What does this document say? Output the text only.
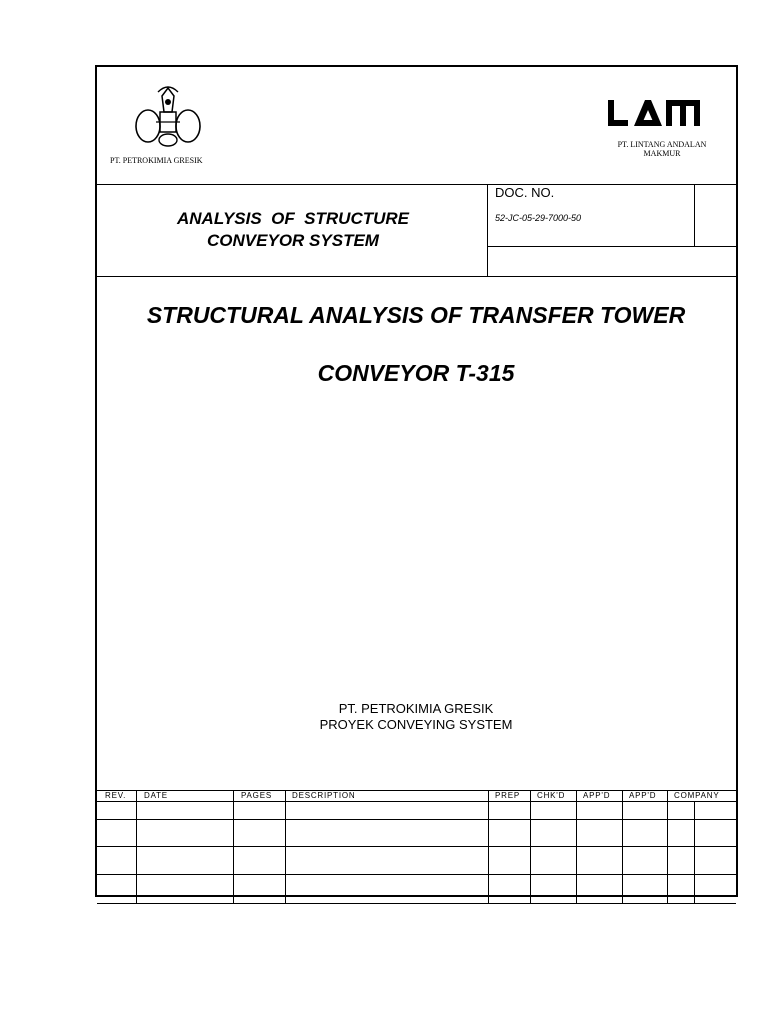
PT. PETROKIMIA GRESIK
PT. LINTANG ANDALAN
MAKMUR
ANALYSIS  OF  STRUCTURE
CONVEYOR SYSTEM
DOC. NO.
52-JC-05-29-7000-50
STRUCTURAL ANALYSIS OF TRANSFER TOWER
CONVEYOR T-315
PT. PETROKIMIA GRESIK
PROYEK CONVEYING SYSTEM
REV. DATE	PAGES	DESCRIPTION	PREP CHK'D APP'D APP'D COMPANY
